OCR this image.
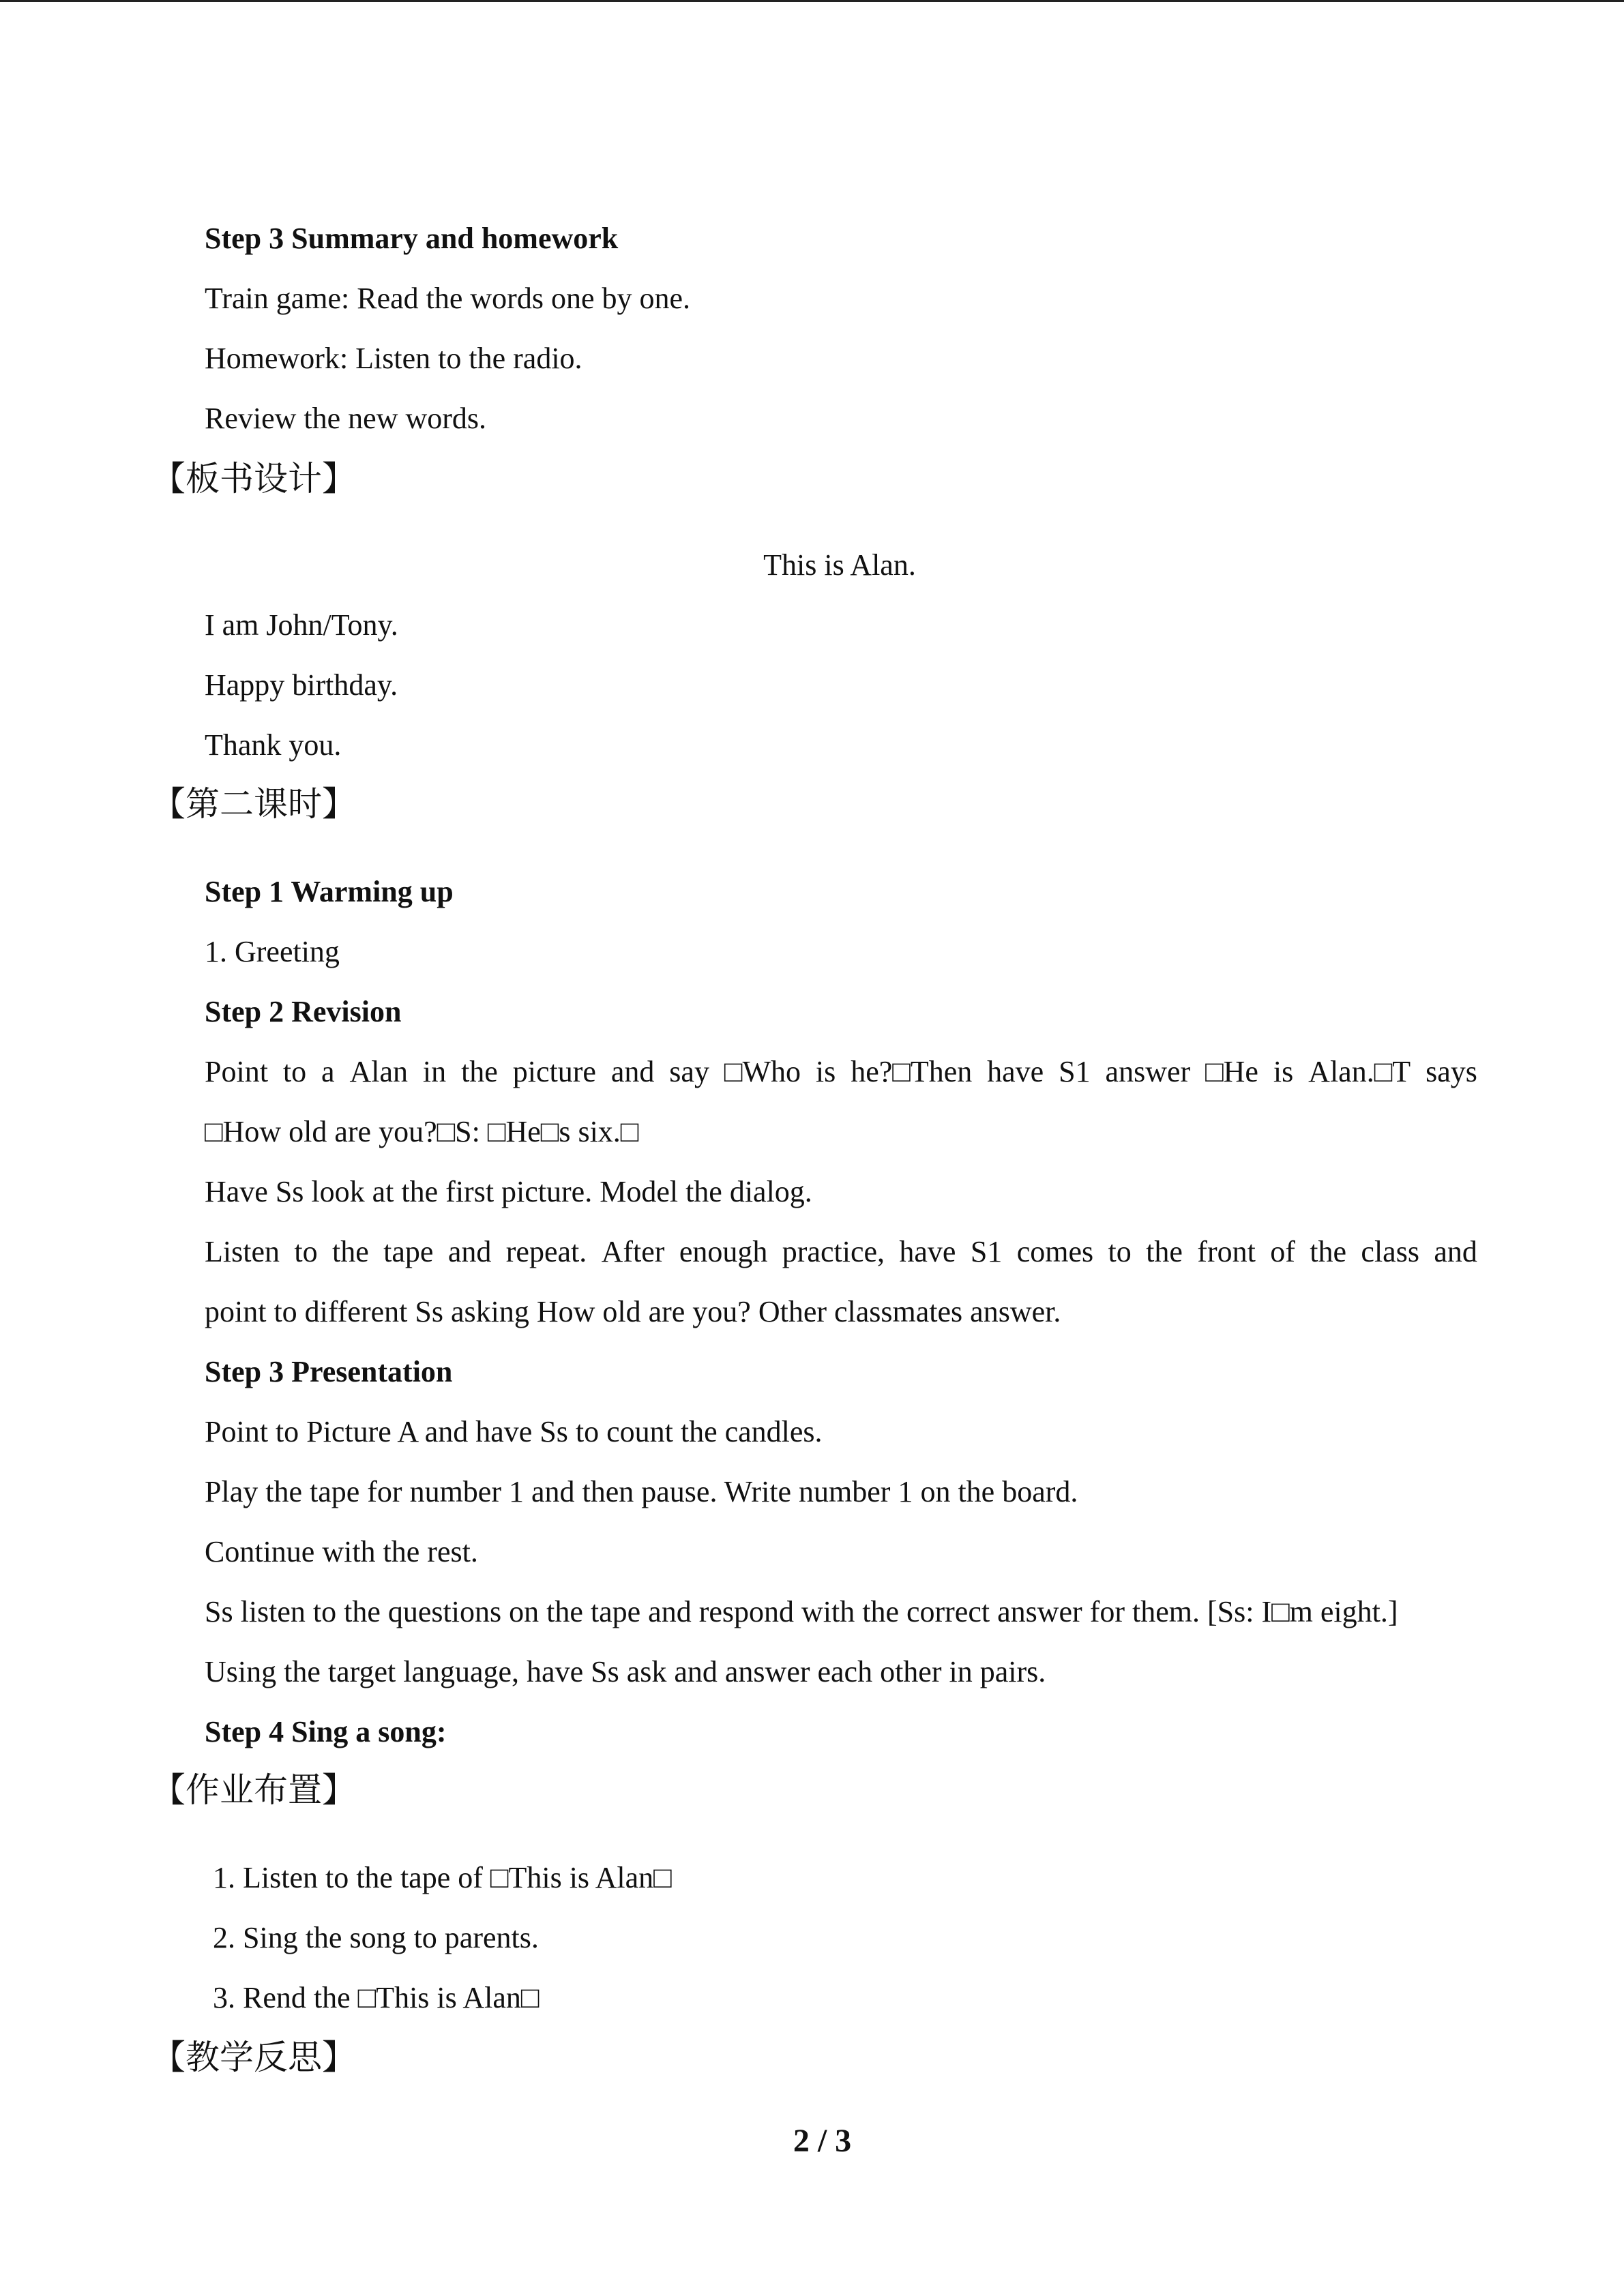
Step 3 Summary and homework
Train game: Read the words one by one.
Homework: Listen to the radio.
Review the new words.
【板书设计】
This is Alan.
I am John/Tony.
Happy birthday.
Thank you.
【第二课时】
Step 1 Warming up
1. Greeting
Step 2 Revision
Point to a Alan in the picture and say □Who is he?□Then have S1 answer □He is Alan.□T says
□How old are you?□S: □He□s six.□
Have Ss look at the first picture. Model the dialog.
Listen to the tape and repeat. After enough practice, have S1 comes to the front of the class and
point to different Ss asking How old are you? Other classmates answer.
Step 3 Presentation
Point to Picture A and have Ss to count the candles.
Play the tape for number 1 and then pause. Write number 1 on the board.
Continue with the rest.
Ss listen to the questions on the tape and respond with the correct answer for them. [Ss: I□m eight.]
Using the target language, have Ss ask and answer each other in pairs.
Step 4 Sing a song:
【作业布置】
1. Listen to the tape of □This is Alan□
2. Sing the song to parents.
3. Rend the □This is Alan□
【教学反思】
2 / 3
